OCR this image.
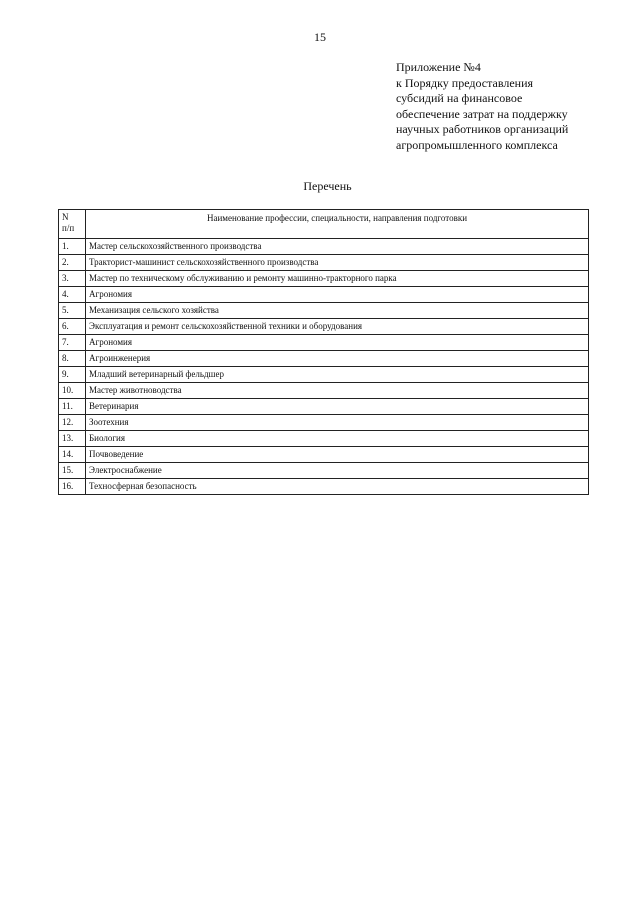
15
Приложение №4
к Порядку предоставления
субсидий на финансовое
обеспечение затрат на поддержку
научных работников организаций
агропромышленного комплекса
Перечень
N
п/п	Наименование профессии, специальности, направления подготовки
1.	Мастер сельскохозяйственного производства
2.	Тракторист-машинист сельскохозяйственного производства
3.	Мастер по техническому обслуживанию и ремонту машинно-тракторного парка
4.	Агрономия
5.	Механизация сельского хозяйства
6.	Эксплуатация и ремонт сельскохозяйственной техники и оборудования
7.	Агрономия
8.	Агроинженерия
9.	Младший ветеринарный фельдшер
10.	Мастер животноводства
11.	Ветеринария
12.	Зоотехния
13.	Биология
14.	Почвоведение
15.	Электроснабжение
16.	Техносферная безопасность
